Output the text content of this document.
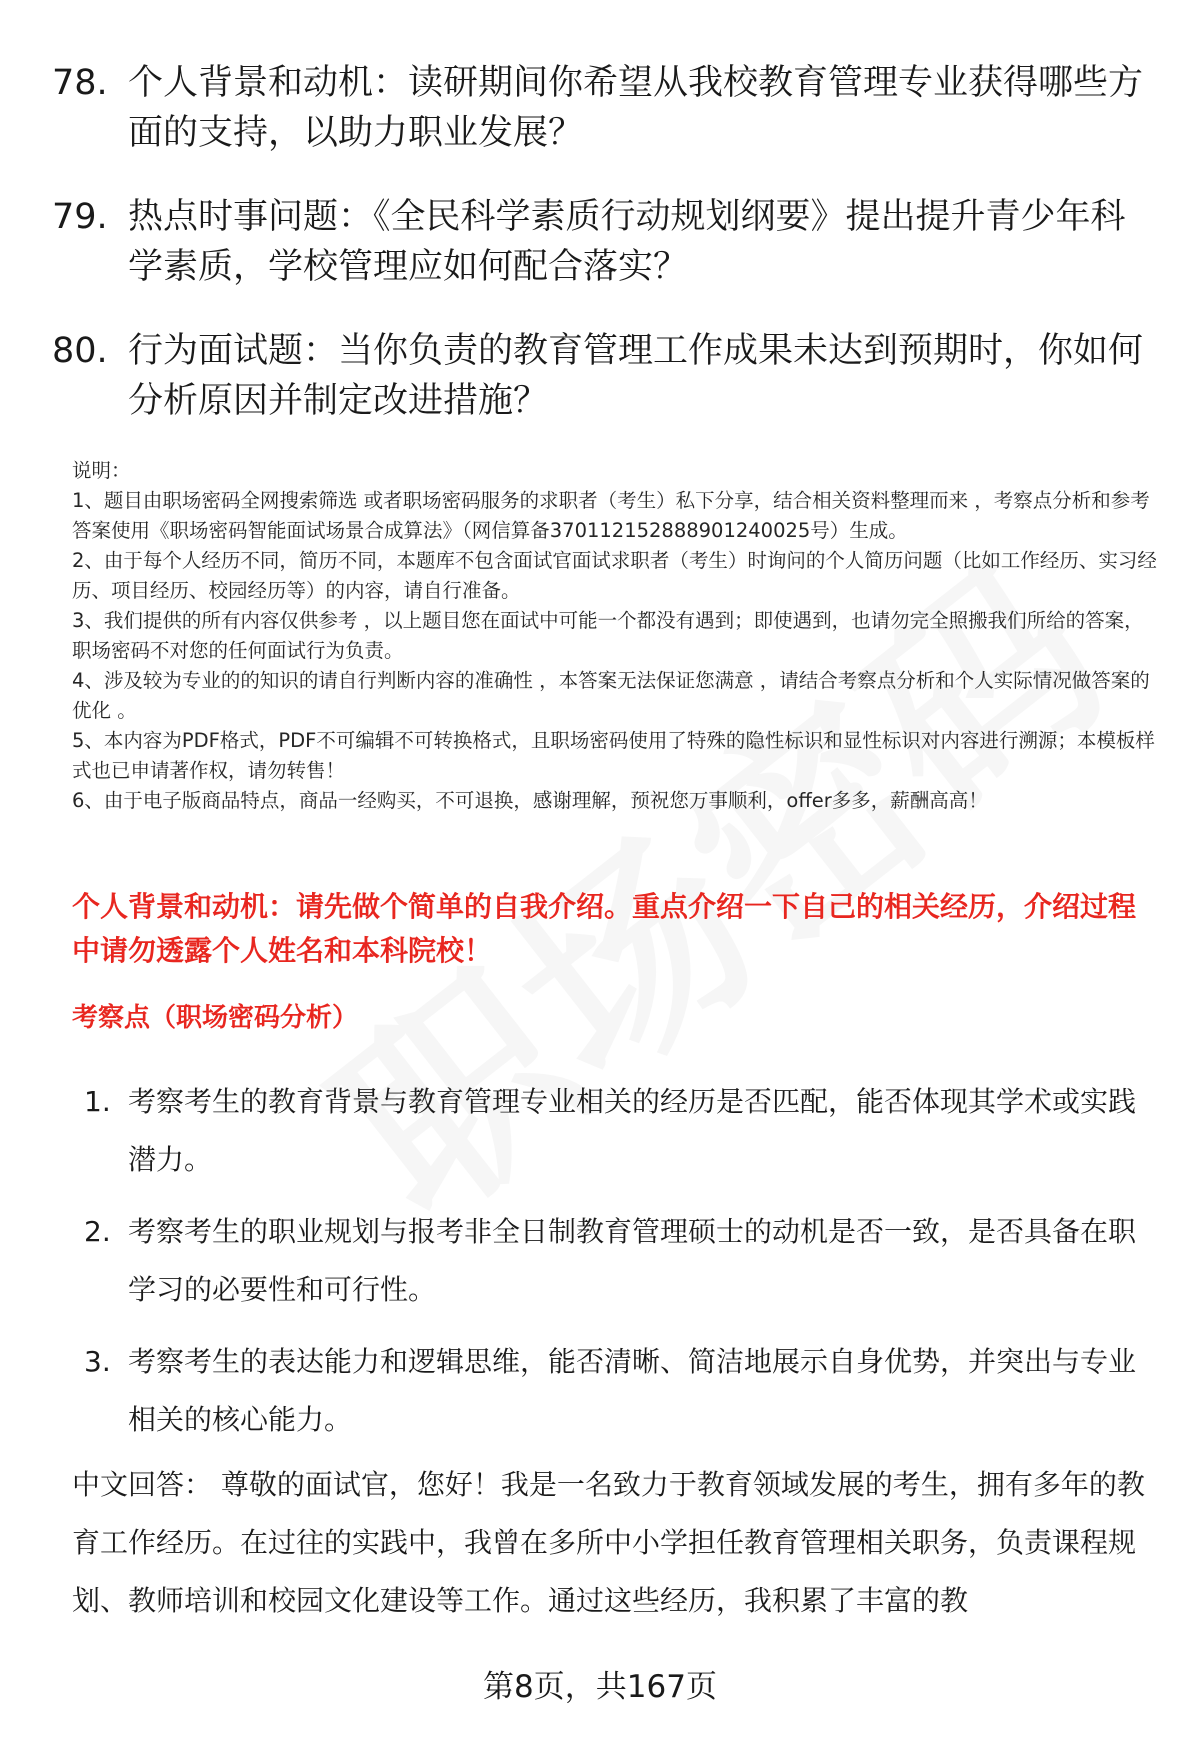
78. 个人背景和动机：读研期间你希望从我校教育管理专业获得哪些方面的支持，以助力职业发展？
79. 热点时事问题：《全民科学素质行动规划纲要》提出提升青少年科学素质，学校管理应如何配合落实？
80. 行为面试题：当你负责的教育管理工作成果未达到预期时，你如何分析原因并制定改进措施？

说明：

1、题目由职场密码全网搜索筛选 或者职场密码服务的求职者（考生）私下分享，结合相关资料整理而来 ，考察点分析和参考答案使用《职场密码智能面试场景合成算法》（网信算备370112152888901240025号）生成。

2、由于每个人经历不同，简历不同，本题库不包含面试官面试求职者（考生）时询问的个人简历问题（比如工作经历、实习经历、项目经历、校园经历等）的内容，请自行准备。

3、我们提供的所有内容仅供参考 ，以上题目您在面试中可能一个都没有遇到；即使遇到，也请勿完全照搬我们所给的答案，职场密码不对您的任何面试行为负责。

4、涉及较为专业的的知识的请自行判断内容的准确性 ，本答案无法保证您满意 ，请结合考察点分析和个人实际情况做答案的优化 。

5、本内容为PDF格式，PDF不可编辑不可转换格式，且职场密码使用了特殊的隐性标识和显性标识对内容进行溯源；本模板样式也已申请著作权，请勿转售！

6、由于电子版商品特点，商品一经购买，不可退换，感谢理解，预祝您万事顺利，offer多多，薪酬高高！

个人背景和动机：请先做个简单的自我介绍。重点介绍一下自己的相关经历，介绍过程中请勿透露个人姓名和本科院校！
考察点（职场密码分析）
1. 考察考生的教育背景与教育管理专业相关的经历是否匹配，能否体现其学术或实践潜力。
2. 考察考生的职业规划与报考非全日制教育管理硕士的动机是否一致，是否具备在职学习的必要性和可行性。
3. 考察考生的表达能力和逻辑思维，能否清晰、简洁地展示自身优势，并突出与专业相关的核心能力。
中文回答： 尊敬的面试官，您好！我是一名致力于教育领域发展的考生，拥有多年的教育工作经历。在过往的实践中，我曾在多所中小学担任教育管理相关职务，负责课程规划、教师培训和校园文化建设等工作。通过这些经历，我积累了丰富的教
第8页，共167页
